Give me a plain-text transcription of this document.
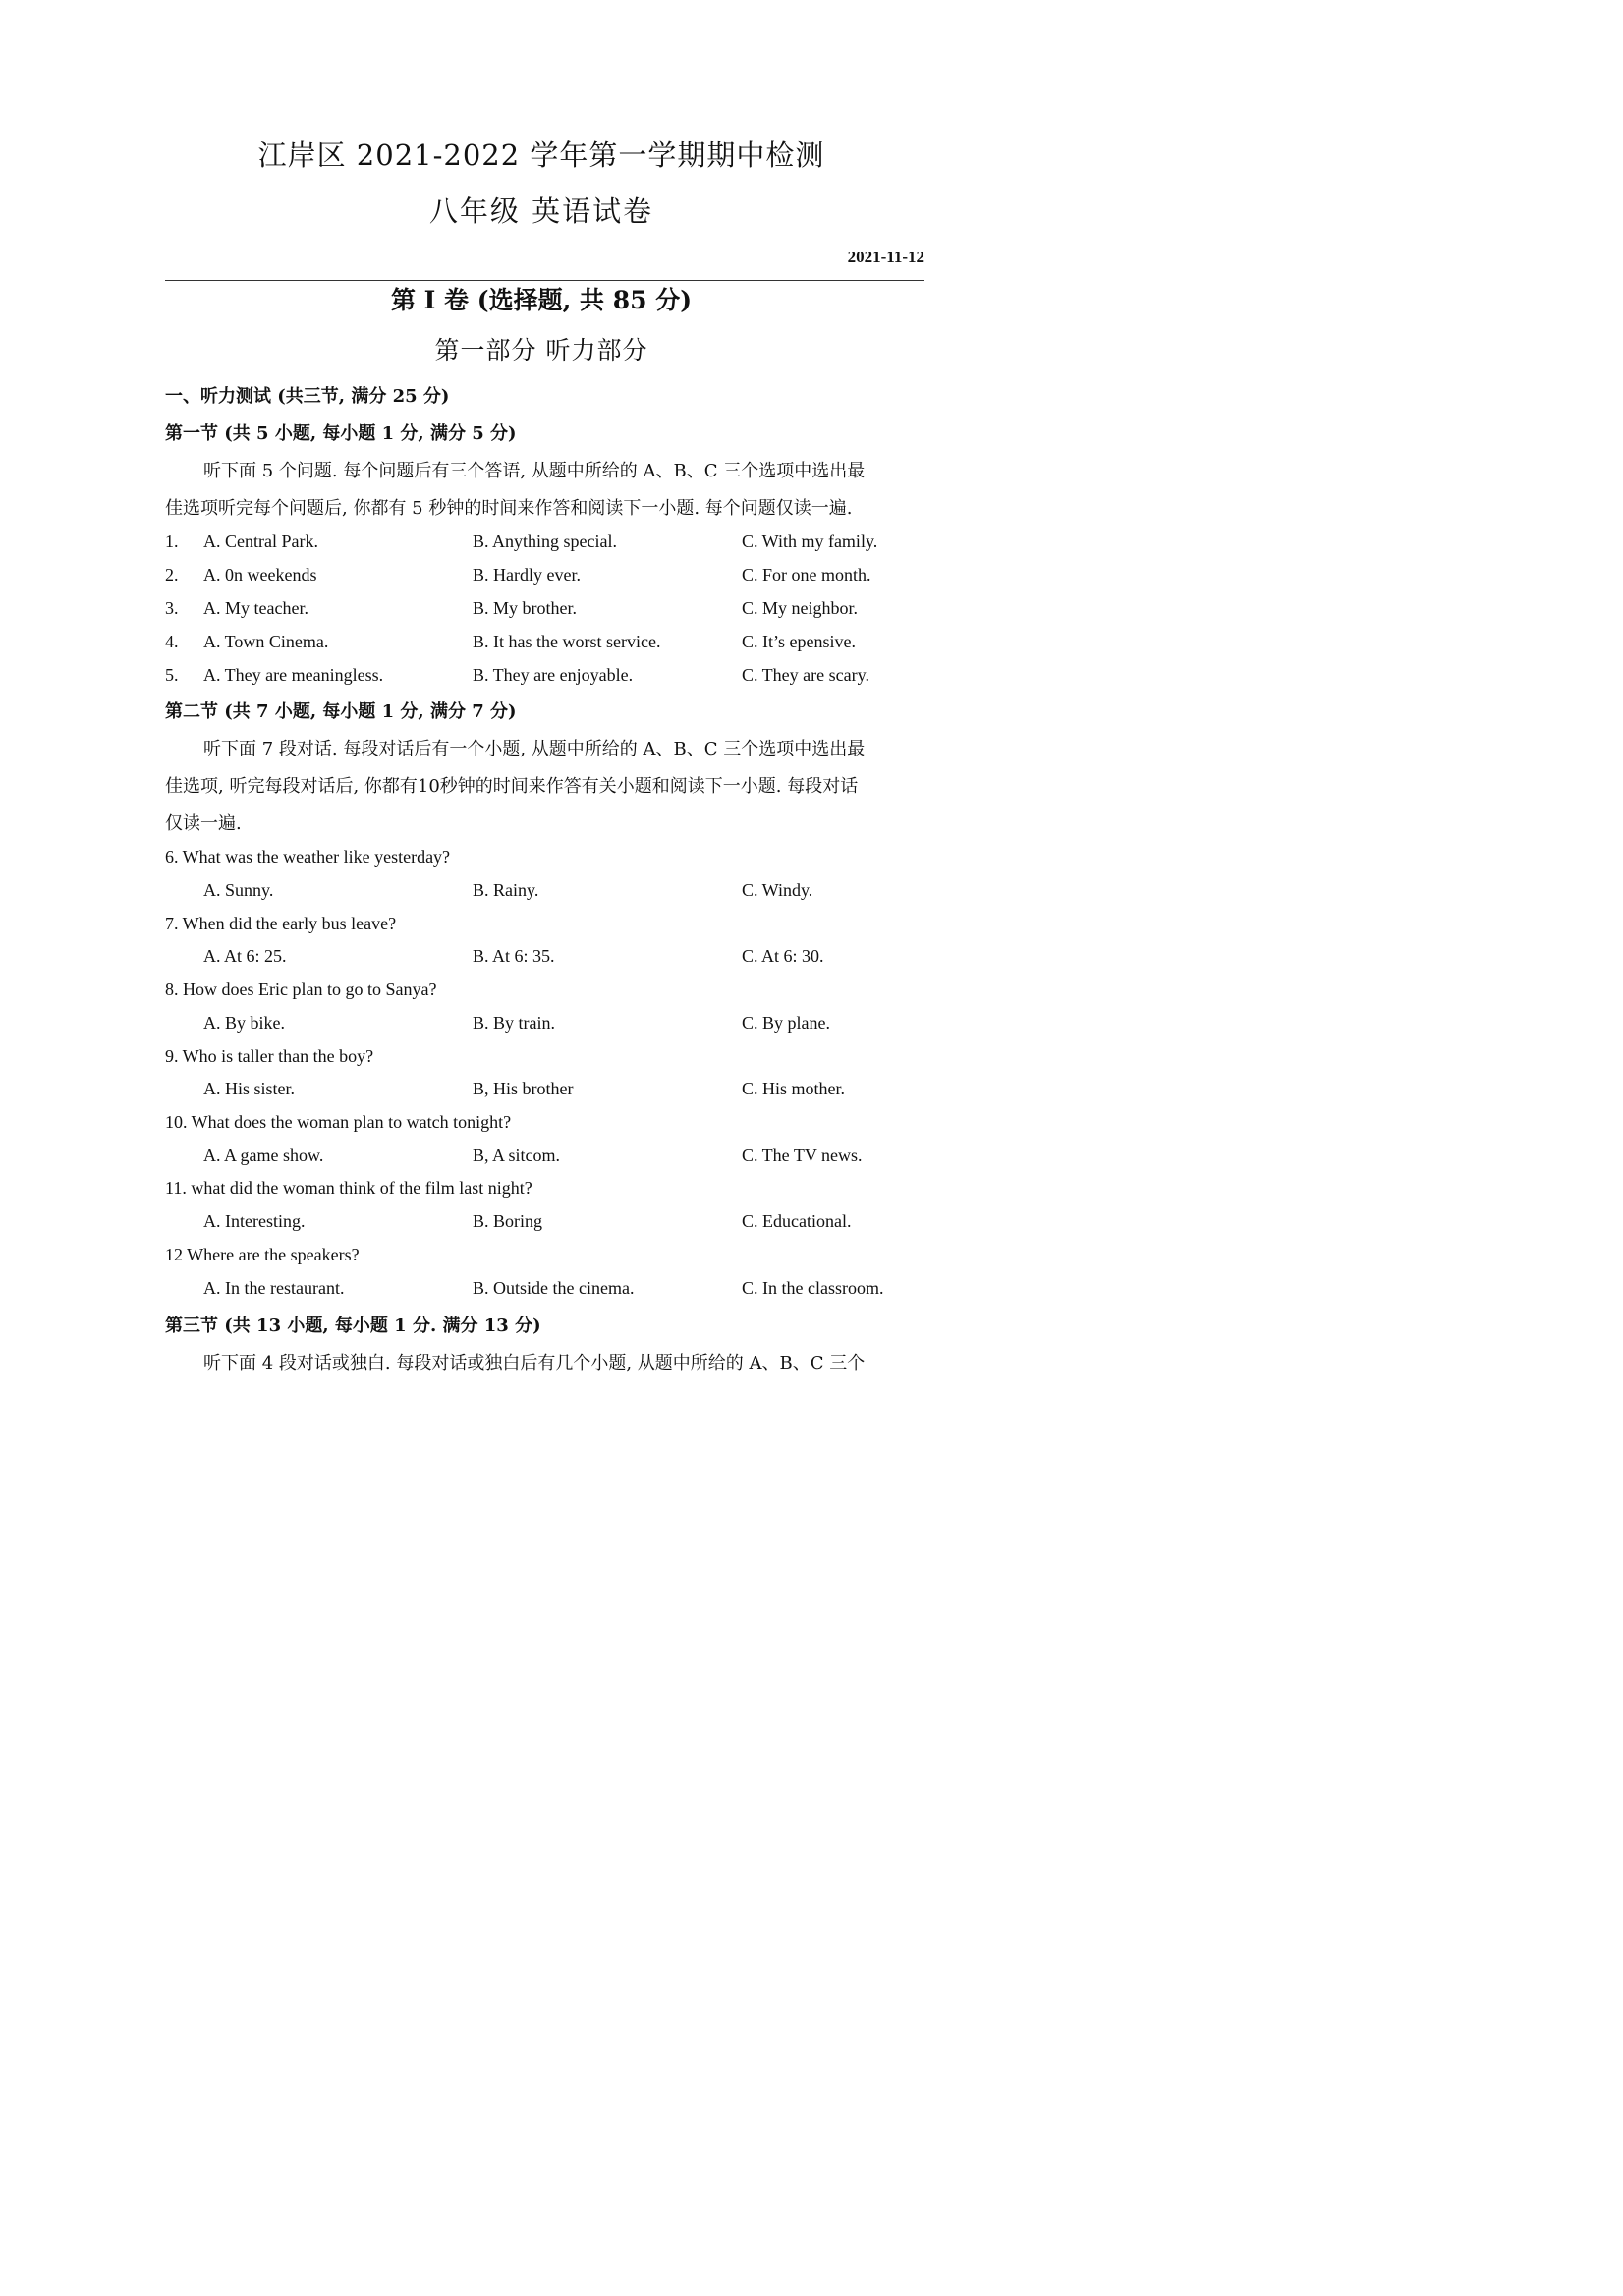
江岸区 2021-2022 学年第一学期期中检测
八年级 英语试卷
2021-11-12
第 I 卷 (选择题, 共 85 分)
第一部分 听力部分
一、听力测试 (共三节, 满分 25 分)
第一节 (共 5 小题, 每小题 1 分, 满分 5 分)
听下面 5 个问题. 每个问题后有三个答语, 从题中所给的 A、B、C 三个选项中选出最
佳选项听完每个问题后, 你都有 5 秒钟的时间来作答和阅读下一小题. 每个问题仅读一遍.
1. A. Central Park.	B. Anything special.	C. With my family.
2. A. 0n weekends	B. Hardly ever.	C. For one month.
3. A. My teacher.	B. My brother.	C. My neighbor.
4. A. Town Cinema.	B. It has the worst service.	C. It’s epensive.
5. A. They are meaningless.	B. They are enjoyable.	C. They are scary.
第二节 (共 7 小题, 每小题 1 分, 满分 7 分)
听下面 7 段对话. 每段对话后有一个小题, 从题中所给的 A、B、C 三个选项中选出最
佳选项, 听完每段对话后, 你都有10秒钟的时间来作答有关小题和阅读下一小题. 每段对话
仅读一遍.
6. What was the weather like yesterday?
A. Sunny.	B. Rainy.	C. Windy.
7. When did the early bus leave?
A. At 6: 25.	B. At 6: 35.	C. At 6: 30.
8. How does Eric plan to go to Sanya?
A. By bike.	B. By train.	C. By plane.
9. Who is taller than the boy?
A. His sister.	B, His brother	C. His mother.
10. What does the woman plan to watch tonight?
A. A game show.	B, A sitcom.	C. The TV news.
11. what did the woman think of the film last night?
A. Interesting.	B. Boring	C. Educational.
12 Where are the speakers?
A. In the restaurant.	B. Outside the cinema.	C. In the classroom.
第三节 (共 13 小题, 每小题 1 分. 满分 13 分)
听下面 4 段对话或独白. 每段对话或独白后有几个小题, 从题中所给的 A、B、C 三个
